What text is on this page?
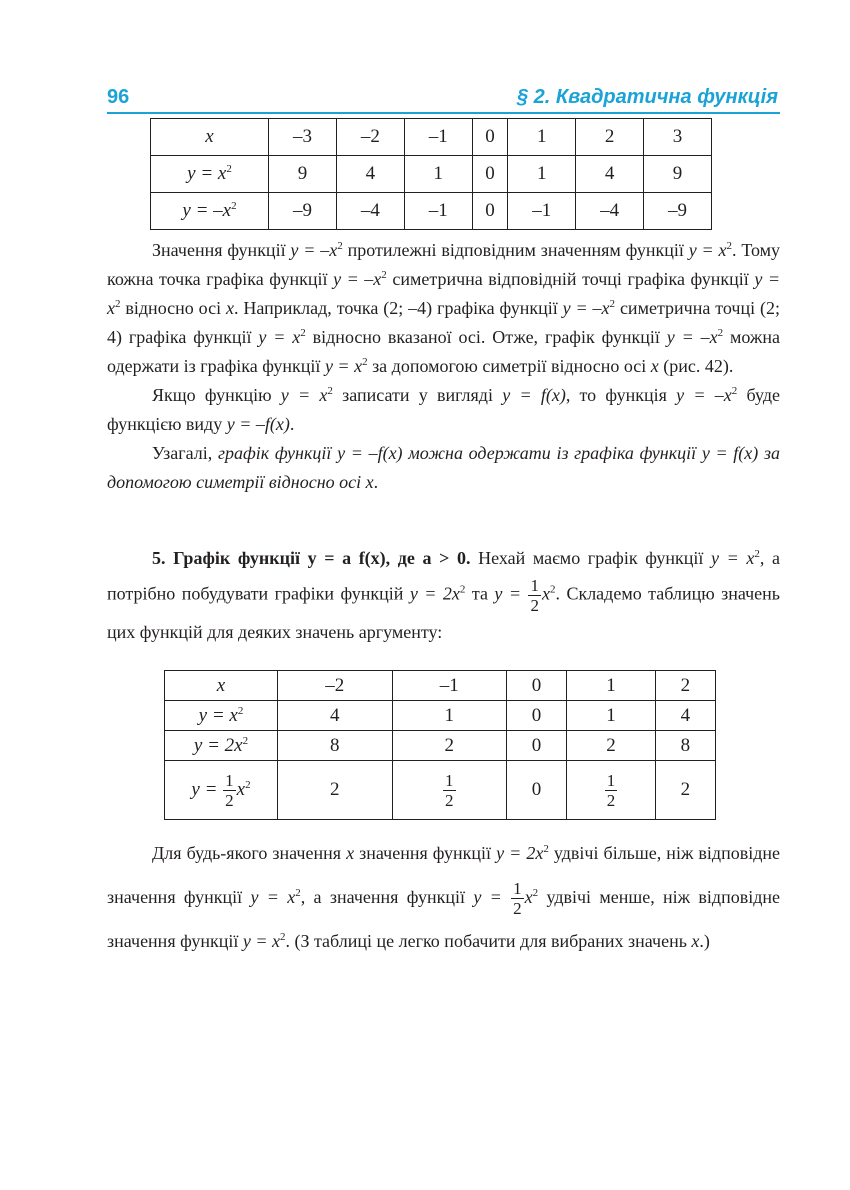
96	§ 2. Квадратична функція
x	–3	–2	–1	0	1	2	3
$y = x^2$	9	4	1	0	1	4	9
$y = -x^2$	–9	–4	–1	0	–1	–4	–9

Значення функції $y = -x^2$ протилежні відповідним значенням функції $y = x^2$. Тому кожна точка графіка функції $y = -x^2$ симетрична відповідній точці графіка функції $y = x^2$ відносно осі x. Наприклад, точка (2; –4) графіка функції $y = -x^2$ симетрична точці (2; 4) графіка функції $y = x^2$ відносно вказаної осі. Отже, графік функції $y = -x^2$ можна одержати із графіка функції $y = x^2$ за допомогою симетрії відносно осі x (рис. 42).

Якщо функцію $y = x^2$ записати у вигляді y = f(x), то функція $y = -x^2$ буде функцією виду y = –f(x).

Узагалі, графік функції y = –f(x) можна одержати із графіка функції y = f(x) за допомогою симетрії відносно осі x.

5. Графік функції y = a f(x), де a > 0. Нехай маємо графік функції $y = x^2$, а потрібно побудувати графіки функцій $y = 2x^2$ та $y = \frac{1}{2} x^2$. Складемо таблицю значень цих функцій для деяких значень аргументу:

x	–2	–1	0	1	2
$y = x^2$	4	1	0	1	4
$y = 2x^2$	8	2	0	2	8
$y = \frac{1}{2} x^2$	2	$\frac{1}{2}$	0	$\frac{1}{2}$	2

Для будь-якого значення x значення функції $y = 2x^2$ удвічі більше, ніж відповідне значення функції $y = x^2$, а значення функції $y = \frac{1}{2} x^2$ удвічі менше, ніж відповідне значення функції $y = x^2$. (З таблиці це легко побачити для вибраних значень x.)
